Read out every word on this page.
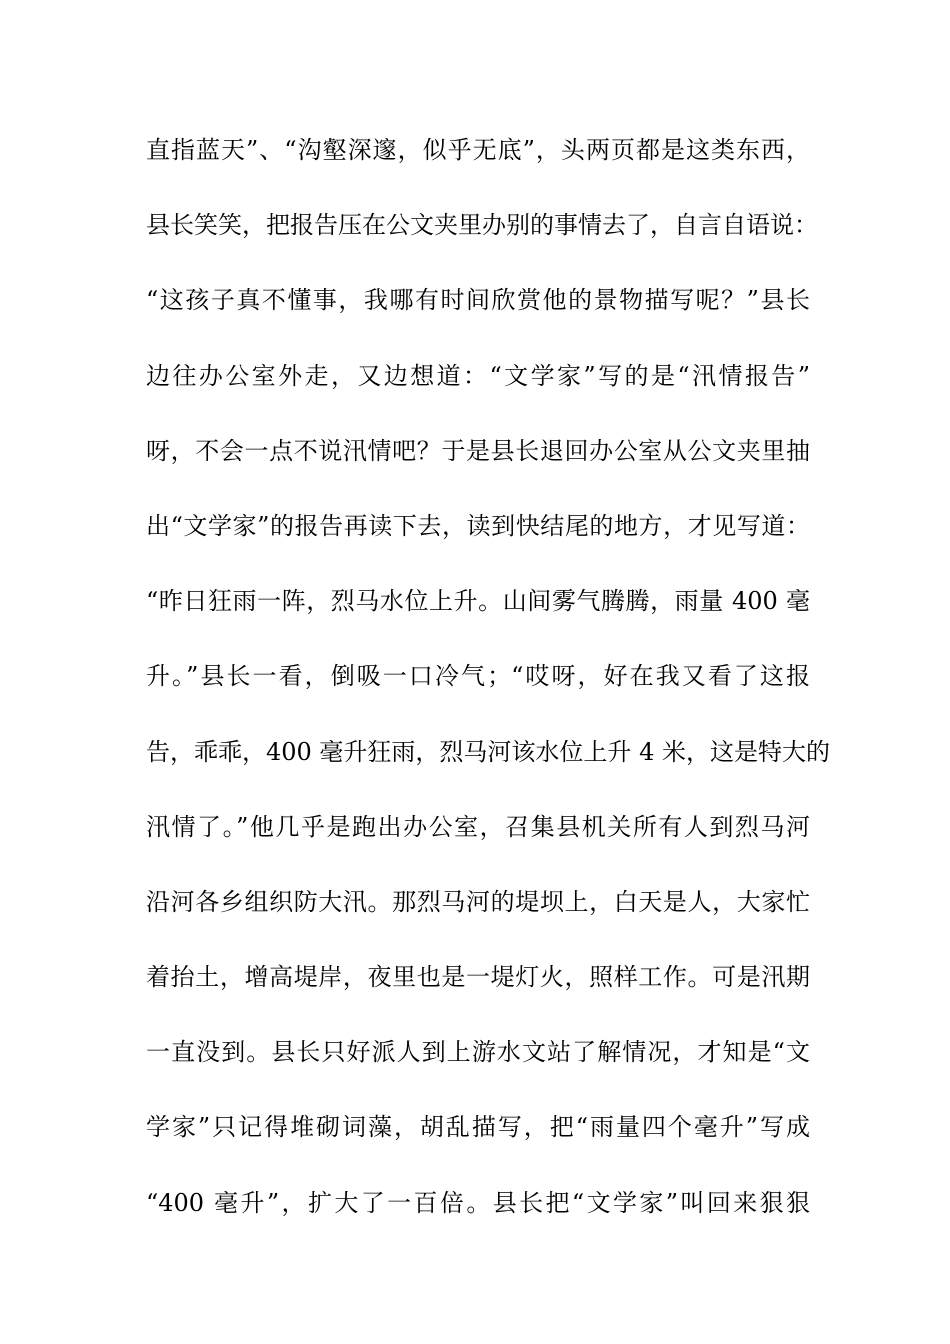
直指蓝天”、“沟壑深邃，似乎无底”，头两页都是这类东西，
县长笑笑，把报告压在公文夹里办别的事情去了，自言自语说：
“这孩子真不懂事，我哪有时间欣赏他的景物描写呢？”县长
边往办公室外走，又边想道：“文学家”写的是“汛情报告”
呀，不会一点不说汛情吧？于是县长退回办公室从公文夹里抽
出“文学家”的报告再读下去，读到快结尾的地方，才见写道：
“昨日狂雨一阵，烈马水位上升。山间雾气腾腾，雨量 400 毫
升。”县长一看，倒吸一口冷气；“哎呀，好在我又看了这报
告，乖乖，400 毫升狂雨，烈马河该水位上升 4 米，这是特大的
汛情了。”他几乎是跑出办公室，召集县机关所有人到烈马河
沿河各乡组织防大汛。那烈马河的堤坝上，白天是人，大家忙
着抬土，增高堤岸，夜里也是一堤灯火，照样工作。可是汛期
一直没到。县长只好派人到上游水文站了解情况，才知是“文
学家”只记得堆砌词藻，胡乱描写，把“雨量四个毫升”写成
“400 毫升”，扩大了一百倍。县长把“文学家”叫回来狠狠
